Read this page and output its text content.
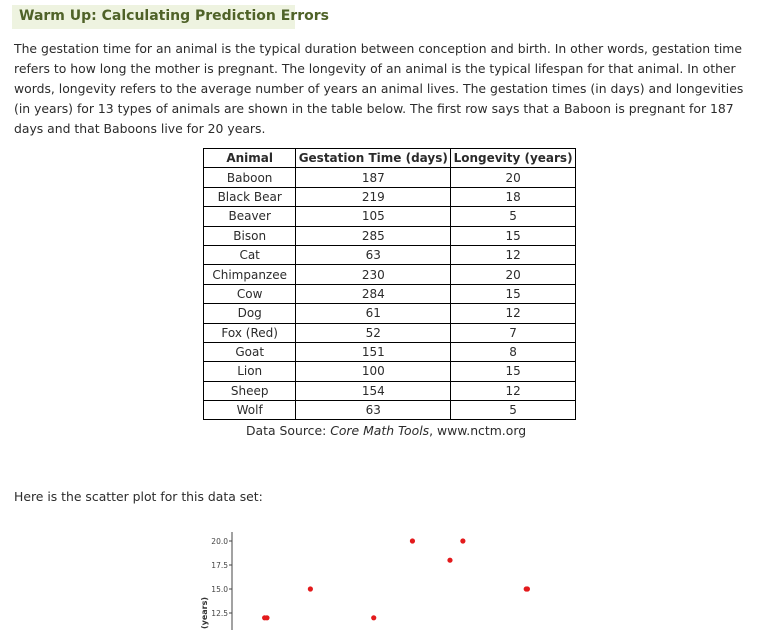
Warm Up: Calculating Prediction Errors

The gestation time for an animal is the typical duration between conception and birth. In other words, gestation time refers to how long the mother is pregnant. The longevity of an animal is the typical lifespan for that animal. In other words, longevity refers to the average number of years an animal lives. The gestation times (in days) and longevities (in years) for 13 types of animals are shown in the table below. The first row says that a Baboon is pregnant for 187 days and that Baboons live for 20 years.

Animal	Gestation Time (days)	Longevity (years)
Baboon	187	20
Black Bear	219	18
Beaver	105	5
Bison	285	15
Cat	63	12
Chimpanzee	230	20
Cow	284	15
Dog	61	12
Fox (Red)	52	7
Goat	151	8
Lion	100	15
Sheep	154	12
Wolf	63	5
Data Source: Core Math Tools, www.nctm.org

Here is the scatter plot for this data set:

20.0
17.5
15.0
12.5
(years)
